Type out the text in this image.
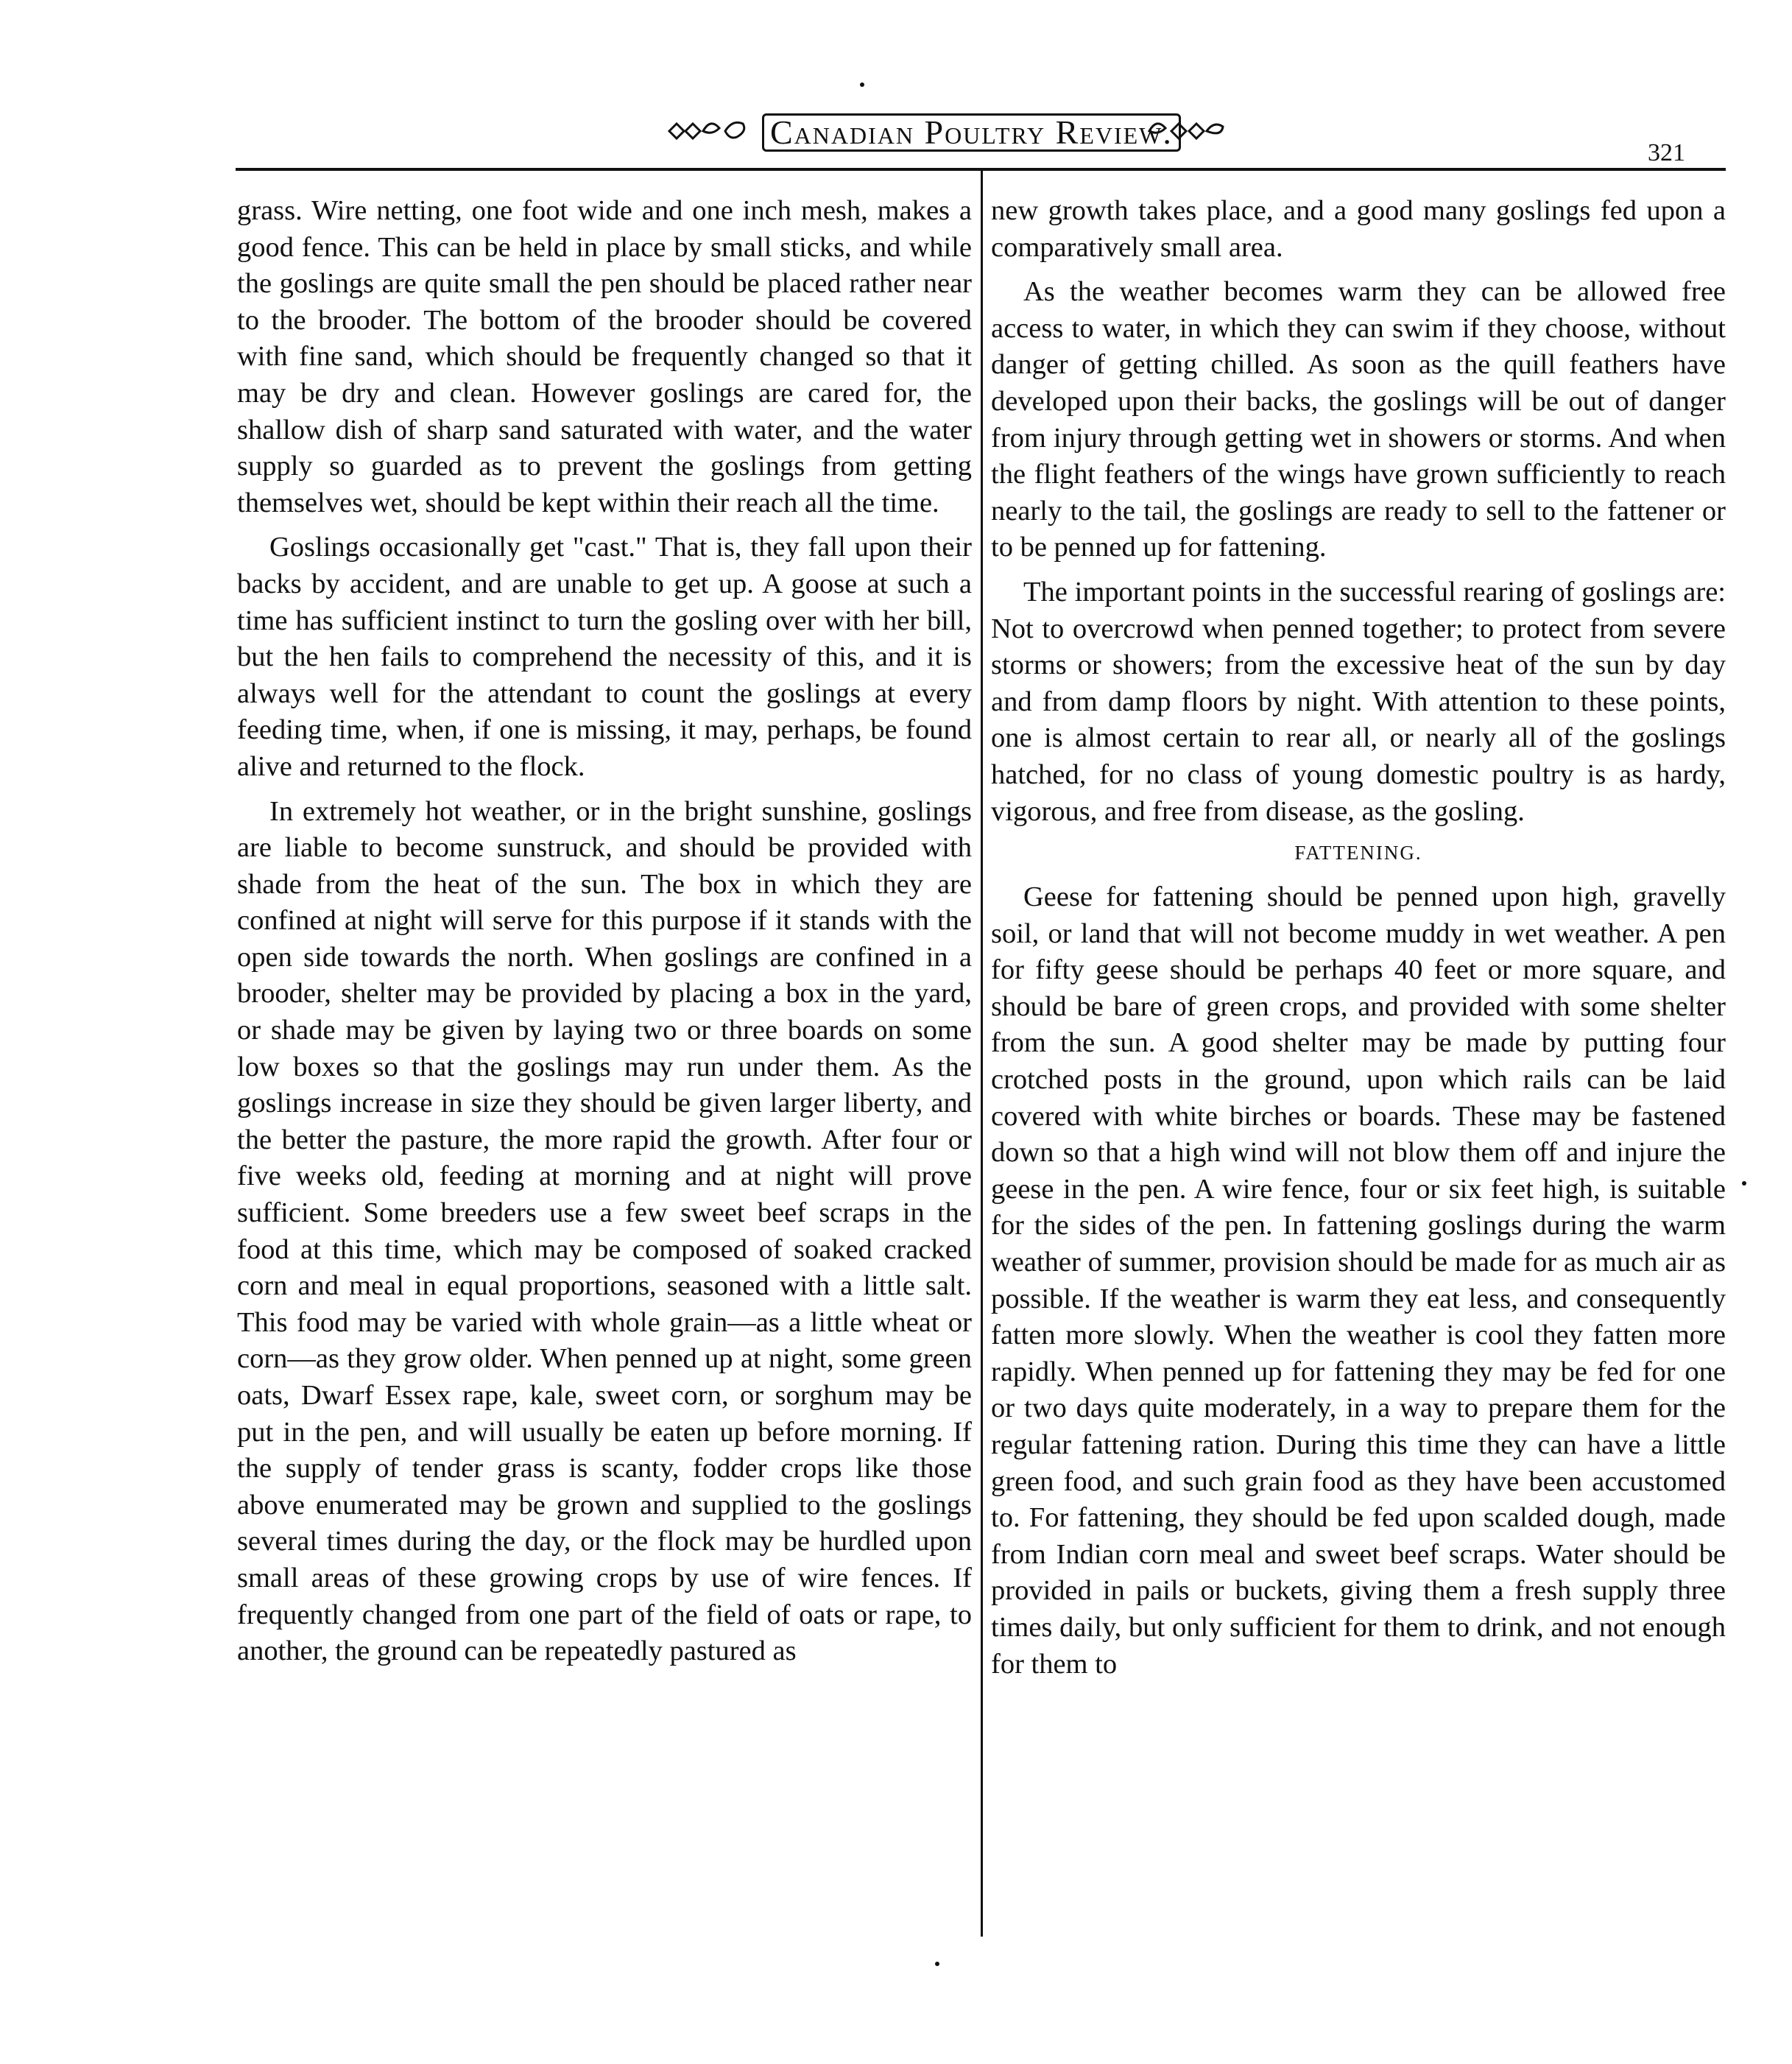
Canadian Poultry Review.
321

grass. Wire netting, one foot wide and one inch mesh, makes a good fence. This can be held in place by small sticks, and while the goslings are quite small the pen should be placed rather near to the brooder. The bottom of the brooder should be covered with fine sand, which should be frequently changed so that it may be dry and clean. However goslings are cared for, the shallow dish of sharp sand saturated with water, and the water supply so guarded as to prevent the goslings from getting themselves wet, should be kept within their reach all the time.

Goslings occasionally get "cast." That is, they fall upon their backs by accident, and are unable to get up. A goose at such a time has sufficient instinct to turn the gosling over with her bill, but the hen fails to comprehend the necessity of this, and it is always well for the attendant to count the goslings at every feeding time, when, if one is missing, it may, perhaps, be found alive and returned to the flock.

In extremely hot weather, or in the bright sunshine, goslings are liable to become sunstruck, and should be provided with shade from the heat of the sun. The box in which they are confined at night will serve for this purpose if it stands with the open side towards the north. When goslings are confined in a brooder, shelter may be provided by placing a box in the yard, or shade may be given by laying two or three boards on some low boxes so that the goslings may run under them. As the goslings increase in size they should be given larger liberty, and the better the pasture, the more rapid the growth. After four or five weeks old, feeding at morning and at night will prove sufficient. Some breeders use a few sweet beef scraps in the food at this time, which may be composed of soaked cracked corn and meal in equal proportions, seasoned with a little salt. This food may be varied with whole grain—as a little wheat or corn—as they grow older. When penned up at night, some green oats, Dwarf Essex rape, kale, sweet corn, or sorghum may be put in the pen, and will usually be eaten up before morning. If the supply of tender grass is scanty, fodder crops like those above enumerated may be grown and supplied to the goslings several times during the day, or the flock may be hurdled upon small areas of these growing crops by use of wire fences. If frequently changed from one part of the field of oats or rape, to another, the ground can be repeatedly pastured as

new growth takes place, and a good many goslings fed upon a comparatively small area.

As the weather becomes warm they can be allowed free access to water, in which they can swim if they choose, without danger of getting chilled. As soon as the quill feathers have developed upon their backs, the goslings will be out of danger from injury through getting wet in showers or storms. And when the flight feathers of the wings have grown sufficiently to reach nearly to the tail, the goslings are ready to sell to the fattener or to be penned up for fattening.

The important points in the successful rearing of goslings are: Not to overcrowd when penned together; to protect from severe storms or showers; from the excessive heat of the sun by day and from damp floors by night. With attention to these points, one is almost certain to rear all, or nearly all of the goslings hatched, for no class of young domestic poultry is as hardy, vigorous, and free from disease, as the gosling.

FATTENING.

Geese for fattening should be penned upon high, gravelly soil, or land that will not become muddy in wet weather. A pen for fifty geese should be perhaps 40 feet or more square, and should be bare of green crops, and provided with some shelter from the sun. A good shelter may be made by putting four crotched posts in the ground, upon which rails can be laid covered with white birches or boards. These may be fastened down so that a high wind will not blow them off and injure the geese in the pen. A wire fence, four or six feet high, is suitable for the sides of the pen. In fattening goslings during the warm weather of summer, provision should be made for as much air as possible. If the weather is warm they eat less, and consequently fatten more slowly. When the weather is cool they fatten more rapidly. When penned up for fattening they may be fed for one or two days quite moderately, in a way to prepare them for the regular fattening ration. During this time they can have a little green food, and such grain food as they have been accustomed to. For fattening, they should be fed upon scalded dough, made from Indian corn meal and sweet beef scraps. Water should be provided in pails or buckets, giving them a fresh supply three times daily, but only sufficient for them to drink, and not enough for them to
